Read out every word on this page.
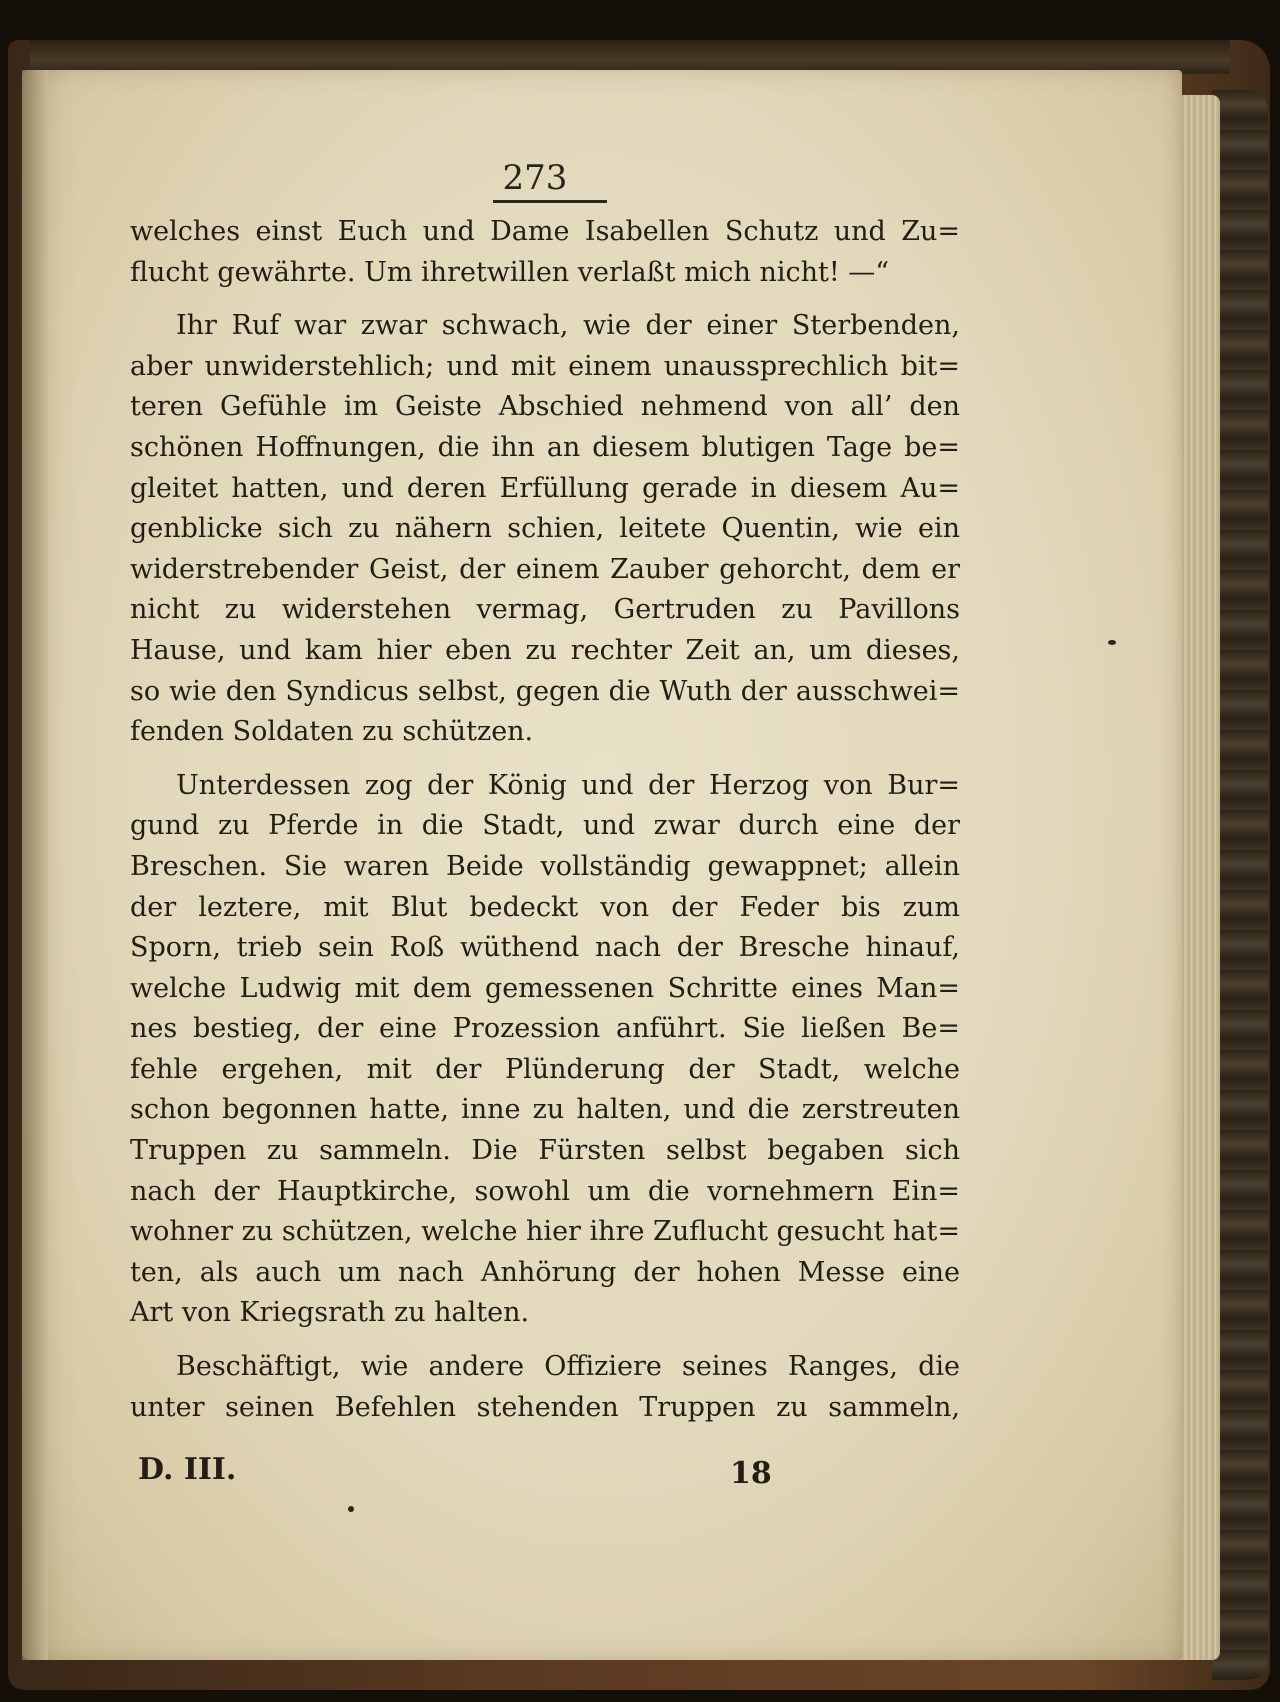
273
welches einst Euch und Dame Isabellen Schutz und Zu=
flucht gewährte. Um ihretwillen verlaßt mich nicht! —“
Ihr Ruf war zwar schwach, wie der einer Sterbenden,
aber unwiderstehlich; und mit einem unaussprechlich bit=
teren Gefühle im Geiste Abschied nehmend von all’ den
schönen Hoffnungen, die ihn an diesem blutigen Tage be=
gleitet hatten, und deren Erfüllung gerade in diesem Au=
genblicke sich zu nähern schien, leitete Quentin, wie ein
widerstrebender Geist, der einem Zauber gehorcht, dem er
nicht zu widerstehen vermag, Gertruden zu Pavillons
Hause, und kam hier eben zu rechter Zeit an, um dieses,
so wie den Syndicus selbst, gegen die Wuth der ausschwei=
fenden Soldaten zu schützen.
Unterdessen zog der König und der Herzog von Bur=
gund zu Pferde in die Stadt, und zwar durch eine der
Breschen. Sie waren Beide vollständig gewappnet; allein
der leztere, mit Blut bedeckt von der Feder bis zum
Sporn, trieb sein Roß wüthend nach der Bresche hinauf,
welche Ludwig mit dem gemessenen Schritte eines Man=
nes bestieg, der eine Prozession anführt. Sie ließen Be=
fehle ergehen, mit der Plünderung der Stadt, welche
schon begonnen hatte, inne zu halten, und die zerstreuten
Truppen zu sammeln. Die Fürsten selbst begaben sich
nach der Hauptkirche, sowohl um die vornehmern Ein=
wohner zu schützen, welche hier ihre Zuflucht gesucht hat=
ten, als auch um nach Anhörung der hohen Messe eine
Art von Kriegsrath zu halten.
Beschäftigt, wie andere Offiziere seines Ranges, die
unter seinen Befehlen stehenden Truppen zu sammeln,
D. III.	18
